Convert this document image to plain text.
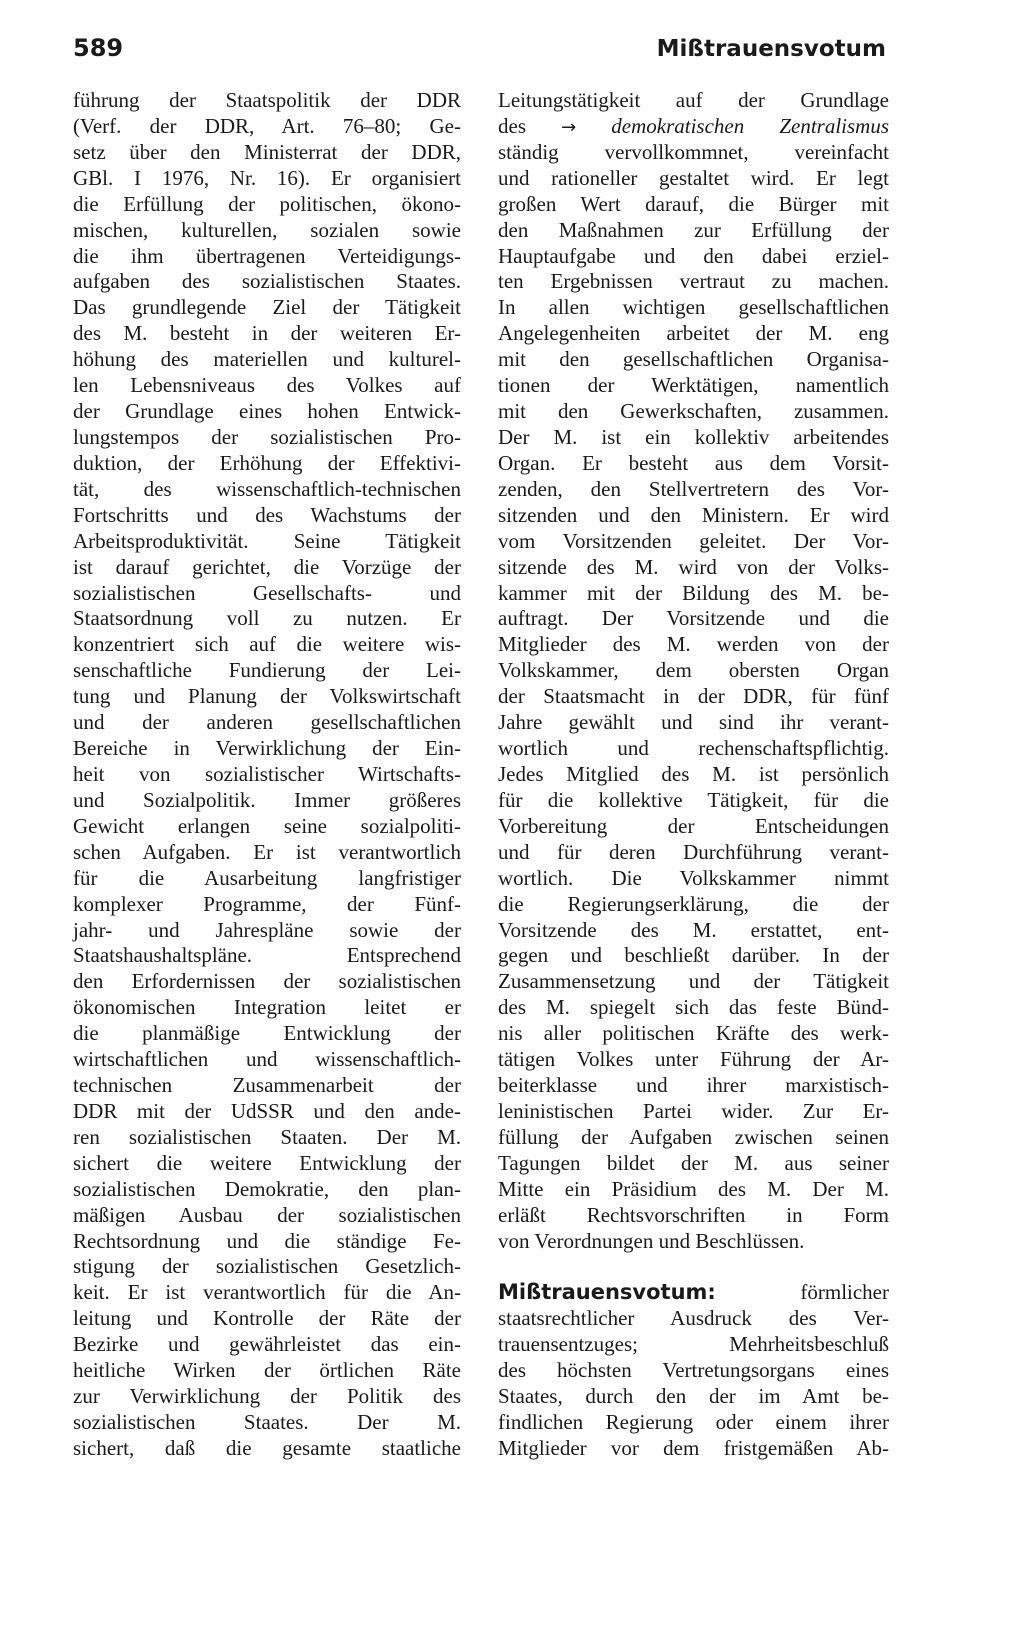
589	Mißtrauensvotum
führung der Staatspolitik der DDR
(Verf. der DDR, Art. 76–80; Ge-
setz über den Ministerrat der DDR,
GBl. I 1976, Nr. 16). Er organisiert
die Erfüllung der politischen, ökono-
mischen, kulturellen, sozialen sowie
die ihm übertragenen Verteidigungs-
aufgaben des sozialistischen Staates.
Das grundlegende Ziel der Tätigkeit
des M. besteht in der weiteren Er-
höhung des materiellen und kulturel-
len Lebensniveaus des Volkes auf
der Grundlage eines hohen Entwick-
lungstempos der sozialistischen Pro-
duktion, der Erhöhung der Effektivi-
tät, des wissenschaftlich-technischen
Fortschritts und des Wachstums der
Arbeitsproduktivität. Seine Tätigkeit
ist darauf gerichtet, die Vorzüge der
sozialistischen Gesellschafts- und
Staatsordnung voll zu nutzen. Er
konzentriert sich auf die weitere wis-
senschaftliche Fundierung der Lei-
tung und Planung der Volkswirtschaft
und der anderen gesellschaftlichen
Bereiche in Verwirklichung der Ein-
heit von sozialistischer Wirtschafts-
und Sozialpolitik. Immer größeres
Gewicht erlangen seine sozialpoliti-
schen Aufgaben. Er ist verantwortlich
für die Ausarbeitung langfristiger
komplexer Programme, der Fünf-
jahr- und Jahrespläne sowie der
Staatshaushaltspläne. Entsprechend
den Erfordernissen der sozialistischen
ökonomischen Integration leitet er
die planmäßige Entwicklung der
wirtschaftlichen und wissenschaftlich-
technischen Zusammenarbeit der
DDR mit der UdSSR und den ande-
ren sozialistischen Staaten. Der M.
sichert die weitere Entwicklung der
sozialistischen Demokratie, den plan-
mäßigen Ausbau der sozialistischen
Rechtsordnung und die ständige Fe-
stigung der sozialistischen Gesetzlich-
keit. Er ist verantwortlich für die An-
leitung und Kontrolle der Räte der
Bezirke und gewährleistet das ein-
heitliche Wirken der örtlichen Räte
zur Verwirklichung der Politik des
sozialistischen Staates. Der M.
sichert, daß die gesamte staatliche
Leitungstätigkeit auf der Grundlage
des → demokratischen Zentralismus
ständig vervollkommnet, vereinfacht
und rationeller gestaltet wird. Er legt
großen Wert darauf, die Bürger mit
den Maßnahmen zur Erfüllung der
Hauptaufgabe und den dabei erziel-
ten Ergebnissen vertraut zu machen.
In allen wichtigen gesellschaftlichen
Angelegenheiten arbeitet der M. eng
mit den gesellschaftlichen Organisa-
tionen der Werktätigen, namentlich
mit den Gewerkschaften, zusammen.
Der M. ist ein kollektiv arbeitendes
Organ. Er besteht aus dem Vorsit-
zenden, den Stellvertretern des Vor-
sitzenden und den Ministern. Er wird
vom Vorsitzenden geleitet. Der Vor-
sitzende des M. wird von der Volks-
kammer mit der Bildung des M. be-
auftragt. Der Vorsitzende und die
Mitglieder des M. werden von der
Volkskammer, dem obersten Organ
der Staatsmacht in der DDR, für fünf
Jahre gewählt und sind ihr verant-
wortlich und rechenschaftspflichtig.
Jedes Mitglied des M. ist persönlich
für die kollektive Tätigkeit, für die
Vorbereitung der Entscheidungen
und für deren Durchführung verant-
wortlich. Die Volkskammer nimmt
die Regierungserklärung, die der
Vorsitzende des M. erstattet, ent-
gegen und beschließt darüber. In der
Zusammensetzung und der Tätigkeit
des M. spiegelt sich das feste Bünd-
nis aller politischen Kräfte des werk-
tätigen Volkes unter Führung der Ar-
beiterklasse und ihrer marxistisch-
leninistischen Partei wider. Zur Er-
füllung der Aufgaben zwischen seinen
Tagungen bildet der M. aus seiner
Mitte ein Präsidium des M. Der M.
erläßt Rechtsvorschriften in Form
von Verordnungen und Beschlüssen.
Mißtrauensvotum:	förmlicher
staatsrechtlicher Ausdruck des Ver-
trauensentzuges; Mehrheitsbeschluß
des höchsten Vertretungsorgans eines
Staates, durch den der im Amt be-
findlichen Regierung oder einem ihrer
Mitglieder vor dem fristgemäßen Ab-
